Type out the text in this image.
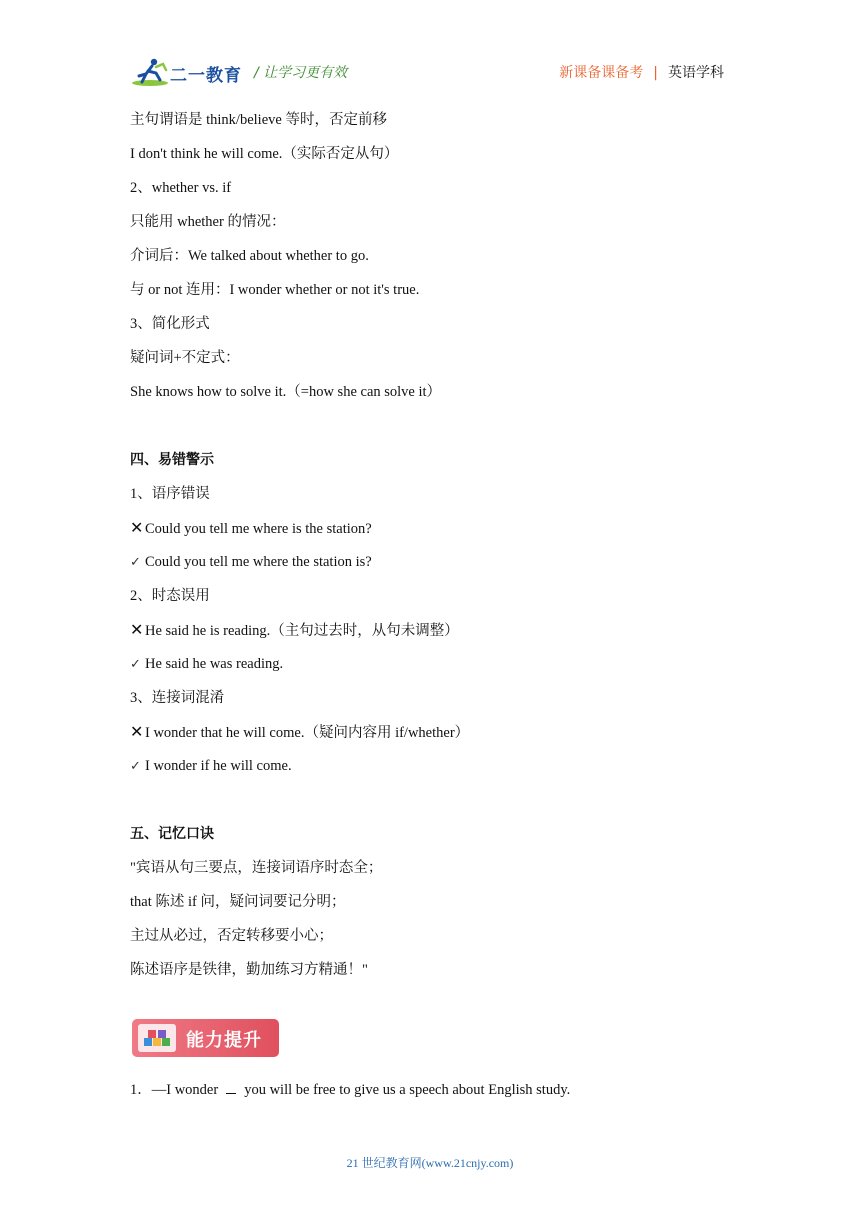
二一教育 / 让学习更有效	新课备课备考 | 英语学科
主句谓语是 think/believe 等时，否定前移
I don't think he will come.（实际否定从句）
2、whether vs. if
只能用 whether 的情况：
介词后：We talked about whether to go.
与 or not 连用：I wonder whether or not it's true.
3、简化形式
疑问词+不定式：
She knows how to solve it.（=how she can solve it）
四、易错警示
1、语序错误
✕ Could you tell me where is the station?
✓ Could you tell me where the station is?
2、时态误用
✕ He said he is reading.（主句过去时，从句未调整）
✓ He said he was reading.
3、连接词混淆
✕ I wonder that he will come.（疑问内容用 if/whether）
✓ I wonder if he will come.
五、记忆口诀
"宾语从句三要点，连接词语序时态全；
that 陈述 if 问，疑问词要记分明；
主过从必过，否定转移要小心；
陈述语序是铁律，勤加练习方精通！"
能力提升
1．—I wonder you will be free to give us a speech about English study.
21 世纪教育网(www.21cnjy.com)
